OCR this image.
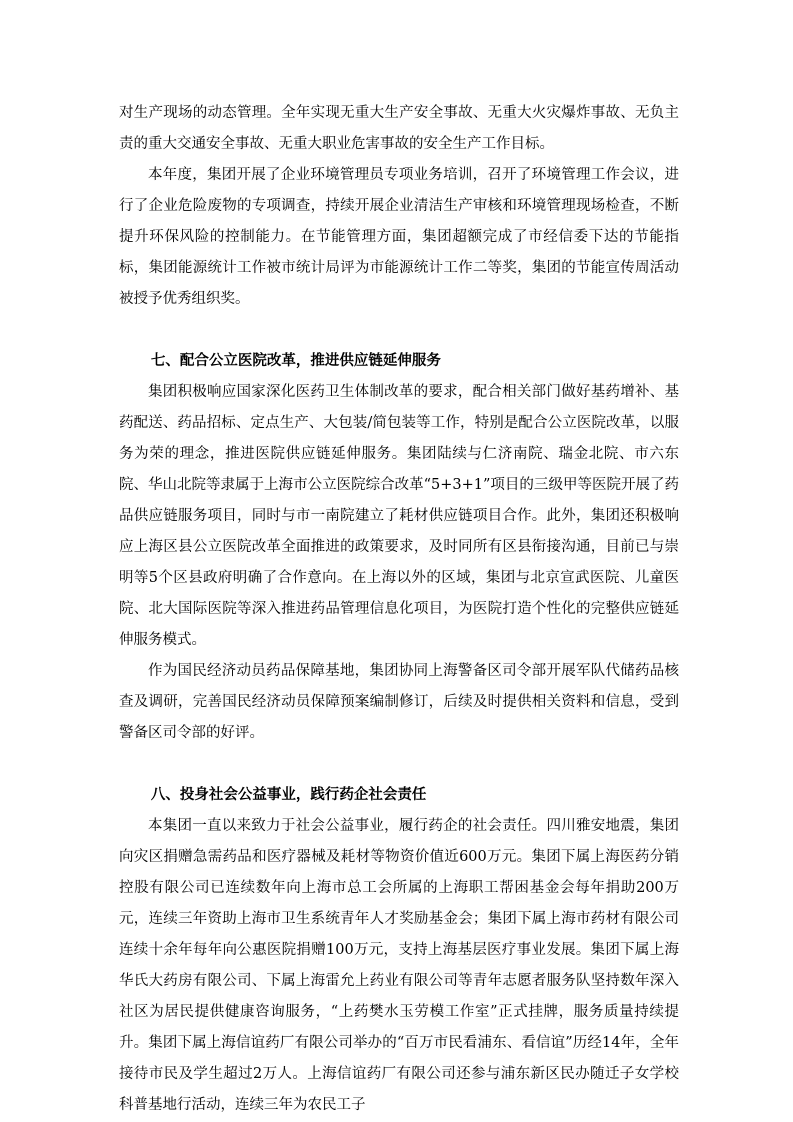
对生产现场的动态管理。全年实现无重大生产安全事故、无重大火灾爆炸事故、无负主责的重大交通安全事故、无重大职业危害事故的安全生产工作目标。

本年度，集团开展了企业环境管理员专项业务培训，召开了环境管理工作会议，进行了企业危险废物的专项调查，持续开展企业清洁生产审核和环境管理现场检查，不断提升环保风险的控制能力。在节能管理方面，集团超额完成了市经信委下达的节能指标，集团能源统计工作被市统计局评为市能源统计工作二等奖，集团的节能宣传周活动被授予优秀组织奖。

七、配合公立医院改革，推进供应链延伸服务

集团积极响应国家深化医药卫生体制改革的要求，配合相关部门做好基药增补、基药配送、药品招标、定点生产、大包装/简包装等工作，特别是配合公立医院改革，以服务为荣的理念，推进医院供应链延伸服务。集团陆续与仁济南院、瑞金北院、市六东院、华山北院等隶属于上海市公立医院综合改革“5+3+1”项目的三级甲等医院开展了药品供应链服务项目，同时与市一南院建立了耗材供应链项目合作。此外，集团还积极响应上海区县公立医院改革全面推进的政策要求，及时同所有区县衔接沟通，目前已与崇明等5个区县政府明确了合作意向。在上海以外的区域，集团与北京宣武医院、儿童医院、北大国际医院等深入推进药品管理信息化项目，为医院打造个性化的完整供应链延伸服务模式。

作为国民经济动员药品保障基地，集团协同上海警备区司令部开展军队代储药品核查及调研，完善国民经济动员保障预案编制修订，后续及时提供相关资料和信息，受到警备区司令部的好评。

八、投身社会公益事业，践行药企社会责任

本集团一直以来致力于社会公益事业，履行药企的社会责任。四川雅安地震，集团向灾区捐赠急需药品和医疗器械及耗材等物资价值近600万元。集团下属上海医药分销控股有限公司已连续数年向上海市总工会所属的上海职工帮困基金会每年捐助200万元，连续三年资助上海市卫生系统青年人才奖励基金会；集团下属上海市药材有限公司连续十余年每年向公惠医院捐赠100万元，支持上海基层医疗事业发展。集团下属上海华氏大药房有限公司、下属上海雷允上药业有限公司等青年志愿者服务队坚持数年深入社区为居民提供健康咨询服务，“上药樊水玉劳模工作室”正式挂牌，服务质量持续提升。集团下属上海信谊药厂有限公司举办的“百万市民看浦东、看信谊”历经14年，全年接待市民及学生超过2万人。上海信谊药厂有限公司还参与浦东新区民办随迁子女学校科普基地行活动，连续三年为农民工子
